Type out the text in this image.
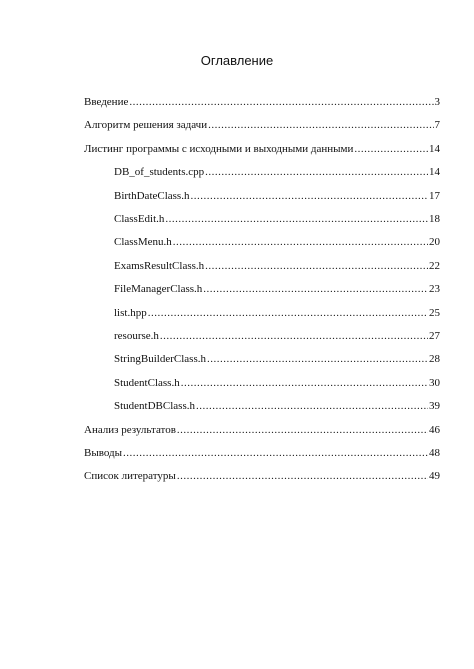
Оглавление
Введение .....	3
Алгоритм решения задачи .....	7
Листинг программы с исходными и выходными данными .....	14
DB_of_students.cpp .....	14
BirthDateClass.h .....	17
ClassEdit.h .....	18
ClassMenu.h .....	20
ExamsResultClass.h .....	22
FileManagerClass.h .....	23
list.hpp .....	25
resourse.h .....	27
StringBuilderClass.h .....	28
StudentClass.h .....	30
StudentDBClass.h .....	39
Анализ результатов .....	46
Выводы .....	48
Список литературы .....	49
